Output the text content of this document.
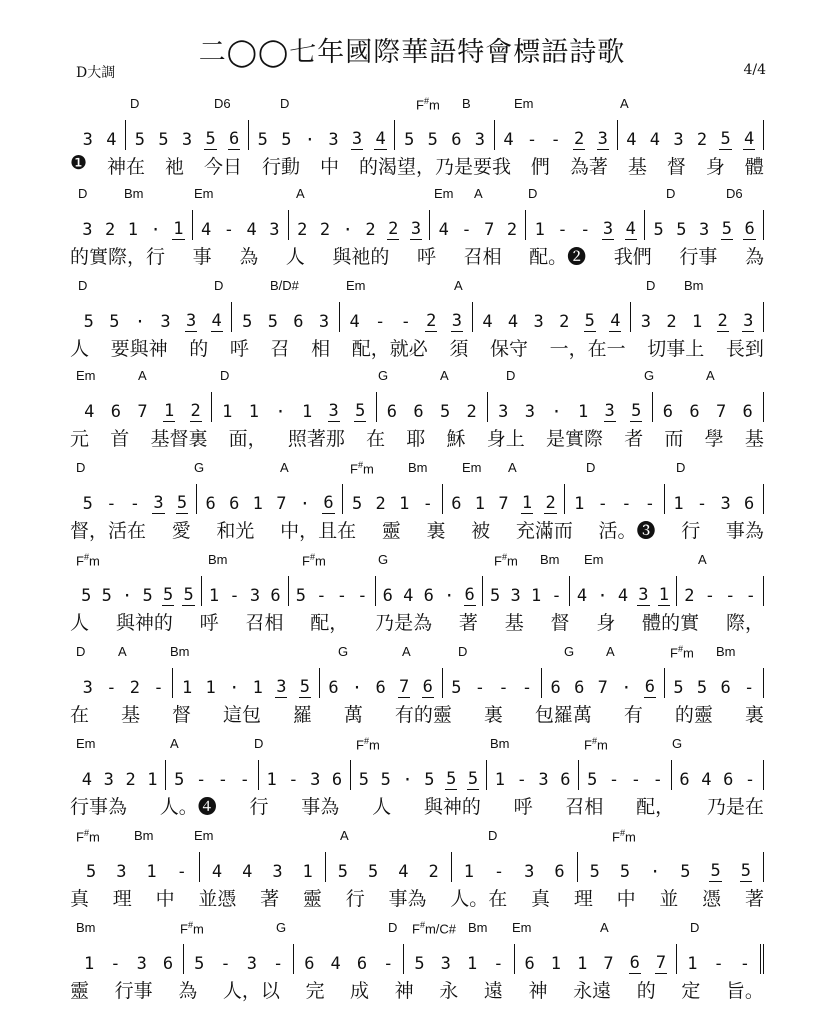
二◯◯七年國際華語特會標語詩歌
D大調	4/4
D	D6	D	F#m B	Em	A
3 4 5 5 3 5 6 5 5 · 3 3 4 5 5 6 3 4 - - 2 3 4 4 3 2 5 4
❶ 神在 祂 今日 行動 中 的渴望，乃是要我 們 為著 基 督 身 體
D	Bm	Em	A	Em A	D	D	D6
3 2 1 · 1 4 - 4 3 2 2 · 2 2 3 4 - 7 2 1 - - 3 4 5 5 3 5 6
的實際，行 事 為 人 與祂的 呼 召相 配。❷ 我們 行事 為
D	D	B/D#	Em	A	D Bm
5 5 · 3 3 4 5 5 6 3 4 - - 2 3 4 4 3 2 5 4 3 2 1 2 3
人 要與神 的 呼 召 相 配，就必 須 保守 一，在一 切事上 長到
Em	A	D	G	A	D	G	A
4 6 7 1 2 1 1 · 1 3 5 6 6 5 2 3 3 · 1 3 5 6 6 7 6
元 首 基督裏 面， 照著那 在 耶 穌 身上 是實際 者 而 學 基
D	G	A	F#m	Bm	Em A	D	D
5 - - 3 5 6 6 1 7 · 6 5 2 1 - 6 1 7 1 2 1 - - - 1 - 3 6
督，活在 愛 和光 中，且在 靈 裏 被 充滿而 活。❸ 行 事為
F#m	Bm	F#m	G	F#m Bm Em	A
5 5 · 5 5 5 1 - 3 6 5 - - - 6 4 6 · 6 5 3 1 - 4 · 4 3 1 2 - - -
人 與神的 呼 召相 配， 乃是為 著 基 督 身 體的實 際，
D	A	Bm	G	A	D	G A	F#m Bm
3 - 2 - 1 1 · 1 3 5 6 · 6 7 6 5 - - - 6 6 7 · 6 5 5 6 -
在 基 督 這包 羅 萬 有的靈 裏 包羅萬 有 的靈 裏
Em	A	D	F#m	Bm	F#m	G
4 3 2 1 5 - - - 1 - 3 6 5 5 · 5 5 5 1 - 3 6 5 - - - 6 4 6 -
行事為 人。❹ 行 事為 人 與神的 呼 召相 配， 乃是在
F#m	Bm	Em	A	D	F#m
5 3 1 - 4 4 3 1 5 5 4 2 1 - 3 6 5 5 · 5 5 5
真 理 中 並憑 著 靈 行 事為 人。在 真 理 中 並 憑 著
Bm	F#m	G	D F#m/C# Bm Em	A	D
1 - 3 6 5 - 3 - 6 4 6 - 5 3 1 - 6 1 1 7 6 7 1 - -
靈 行事 為 人，以 完 成 神 永 遠 神 永遠 的 定 旨。
